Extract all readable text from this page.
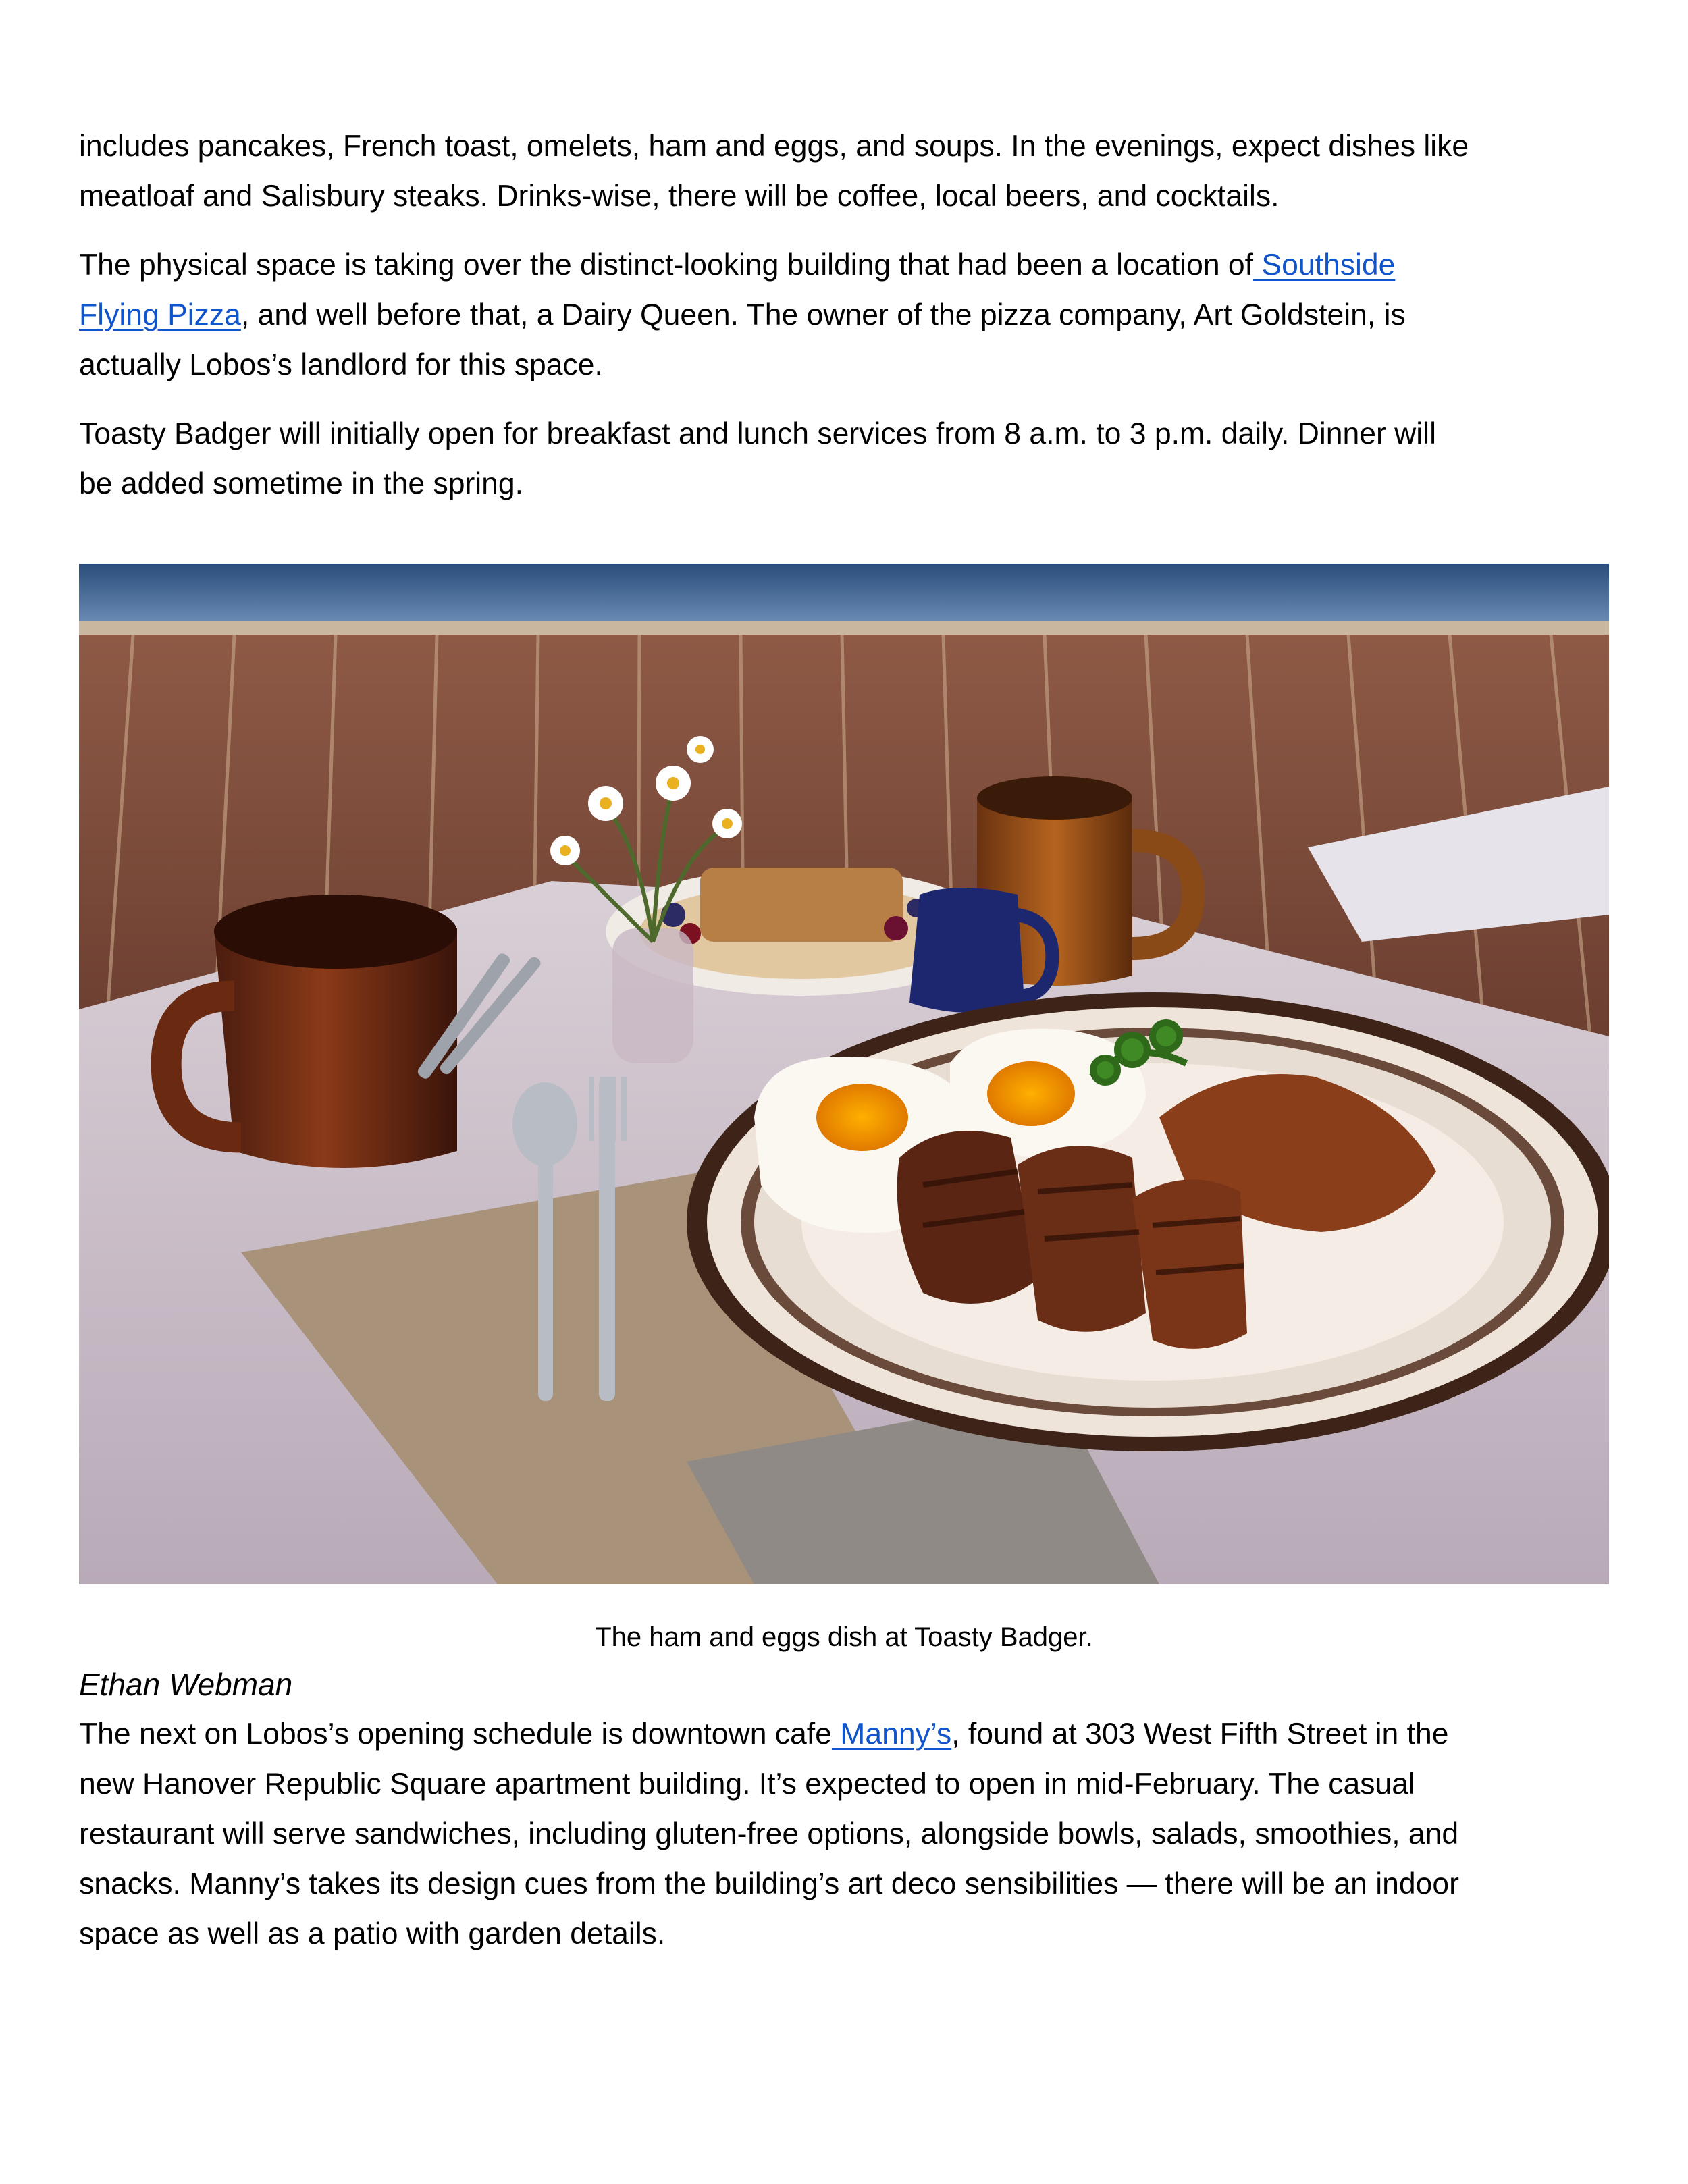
includes pancakes, French toast, omelets, ham and eggs, and soups. In the evenings, expect dishes like
meatloaf and Salisbury steaks. Drinks-wise, there will be coffee, local beers, and cocktails.

The physical space is taking over the distinct-looking building that had been a location of Southside
Flying Pizza, and well before that, a Dairy Queen. The owner of the pizza company, Art Goldstein, is
actually Lobos’s landlord for this space.

Toasty Badger will initially open for breakfast and lunch services from 8 a.m. to 3 p.m. daily. Dinner will
be added sometime in the spring.

The ham and eggs dish at Toasty Badger.
Ethan Webman

The next on Lobos’s opening schedule is downtown cafe Manny’s, found at 303 West Fifth Street in the
new Hanover Republic Square apartment building. It’s expected to open in mid-February. The casual
restaurant will serve sandwiches, including gluten-free options, alongside bowls, salads, smoothies, and
snacks. Manny’s takes its design cues from the building’s art deco sensibilities — there will be an indoor
space as well as a patio with garden details.
